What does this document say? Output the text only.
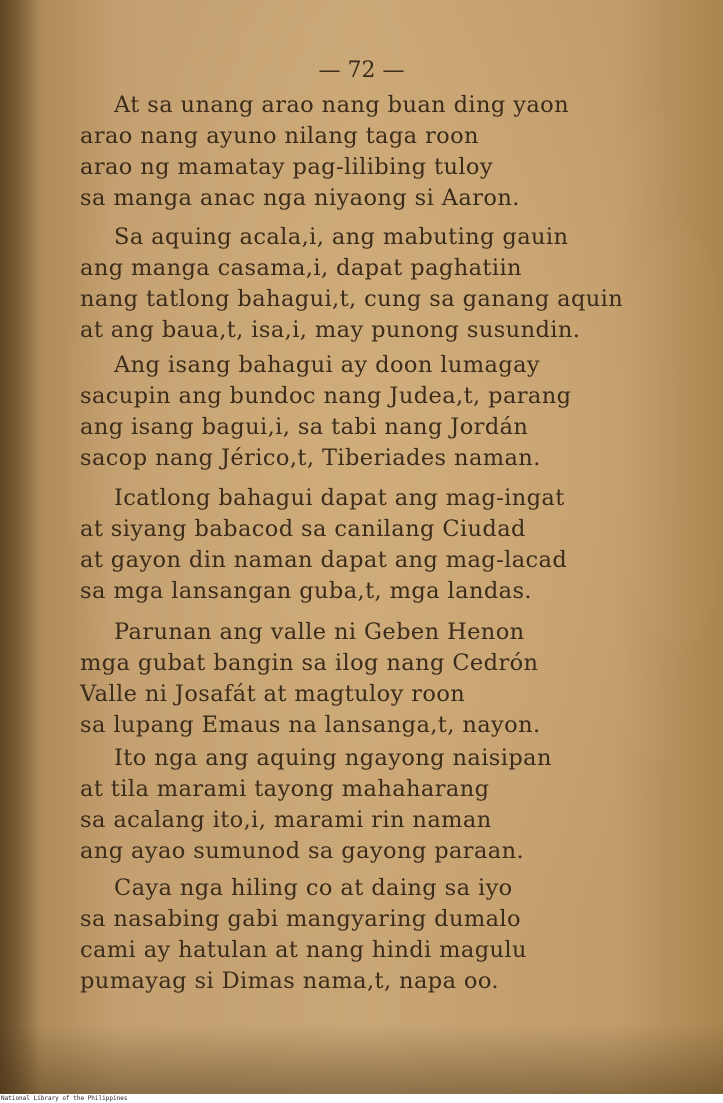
— 72 —
At sa unang arao nang buan ding yaon
arao nang ayuno nilang taga roon
arao ng mamatay pag-lilibing tuloy
sa manga anac nga niyaong si Aaron.
Sa aquing acala,i, ang mabuting gauin
ang manga casama,i, dapat paghatiin
nang tatlong bahagui,t, cung sa ganang aquin
at ang baua,t, isa,i, may punong susundin.
Ang isang bahagui ay doon lumagay
sacupin ang bundoc nang Judea,t, parang
ang isang bagui,i, sa tabi nang Jordán
sacop nang Jérico,t, Tiberiades naman.
Icatlong bahagui dapat ang mag-ingat
at siyang babacod sa canilang Ciudad
at gayon din naman dapat ang mag-lacad
sa mga lansangan guba,t, mga landas.
Parunan ang valle ni Geben Henon
mga gubat bangin sa ilog nang Cedrón
Valle ni Josafát at magtuloy roon
sa lupang Emaus na lansanga,t, nayon.
Ito nga ang aquing ngayong naisipan
at tila marami tayong mahaharang
sa acalang ito,i, marami rin naman
ang ayao sumunod sa gayong paraan.
Caya nga hiling co at daing sa iyo
sa nasabing gabi mangyaring dumalo
cami ay hatulan at nang hindi magulu
pumayag si Dimas nama,t, napa oo.
National Library of the Philippines
